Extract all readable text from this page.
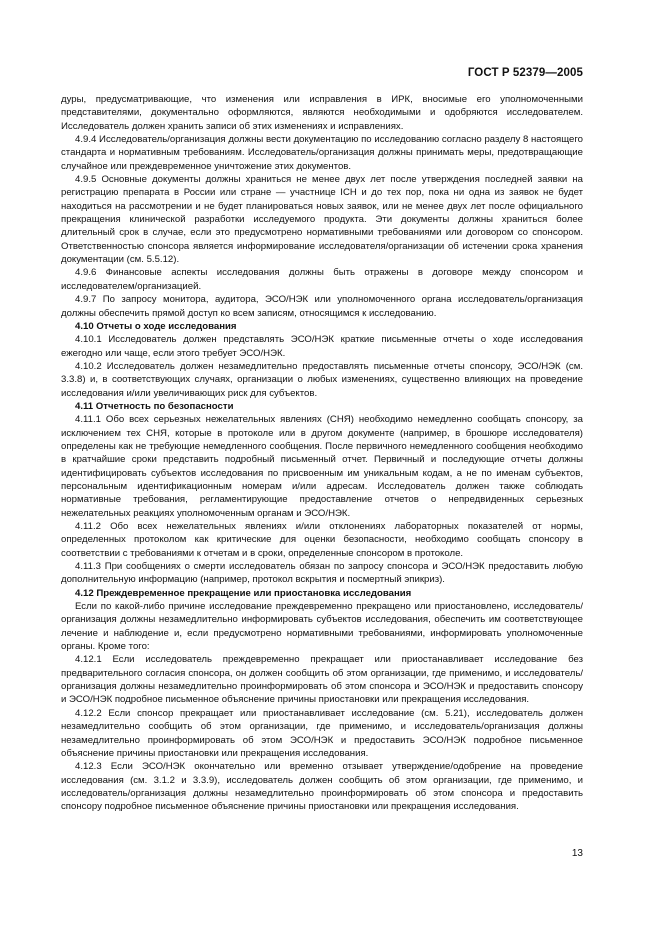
ГОСТ Р 52379—2005

дуры, предусматривающие, что изменения или исправления в ИРК, вносимые его уполномоченными представителями, документально оформляются, являются необходимыми и одобряются исследователем. Исследователь должен хранить записи об этих изменениях и исправлениях.

4.9.4 Исследователь/организация должны вести документацию по исследованию согласно разделу 8 настоящего стандарта и нормативным требованиям. Исследователь/организация должны принимать меры, предотвращающие случайное или преждевременное уничтожение этих документов.

4.9.5 Основные документы должны храниться не менее двух лет после утверждения последней заявки на регистрацию препарата в России или стране — участнице ICH и до тех пор, пока ни одна из заявок не будет находиться на рассмотрении и не будет планироваться новых заявок, или не менее двух лет после официального прекращения клинической разработки исследуемого продукта. Эти документы должны храниться более длительный срок в случае, если это предусмотрено нормативными требованиями или договором со спонсором. Ответственностью спонсора является информирование исследователя/организации об истечении срока хранения документации (см. 5.5.12).

4.9.6 Финансовые аспекты исследования должны быть отражены в договоре между спонсором и исследователем/организацией.

4.9.7 По запросу монитора, аудитора, ЭСО/НЭК или уполномоченного органа исследователь/организация должны обеспечить прямой доступ ко всем записям, относящимся к исследованию.

4.10 Отчеты о ходе исследования

4.10.1 Исследователь должен представлять ЭСО/НЭК краткие письменные отчеты о ходе исследования ежегодно или чаще, если этого требует ЭСО/НЭК.

4.10.2 Исследователь должен незамедлительно предоставлять письменные отчеты спонсору, ЭСО/НЭК (см. 3.3.8) и, в соответствующих случаях, организации о любых изменениях, существенно влияющих на проведение исследования и/или увеличивающих риск для субъектов.

4.11 Отчетность по безопасности

4.11.1 Обо всех серьезных нежелательных явлениях (СНЯ) необходимо немедленно сообщать спонсору, за исключением тех СНЯ, которые в протоколе или в другом документе (например, в брошюре исследователя) определены как не требующие немедленного сообщения. После первичного немедленного сообщения необходимо в кратчайшие сроки представить подробный письменный отчет. Первичный и последующие отчеты должны идентифицировать субъектов исследования по присвоенным им уникальным кодам, а не по именам субъектов, персональным идентификационным номерам и/или адресам. Исследователь должен также соблюдать нормативные требования, регламентирующие предоставление отчетов о непредвиденных серьезных нежелательных реакциях уполномоченным органам и ЭСО/НЭК.

4.11.2 Обо всех нежелательных явлениях и/или отклонениях лабораторных показателей от нормы, определенных протоколом как критические для оценки безопасности, необходимо сообщать спонсору в соответствии с требованиями к отчетам и в сроки, определенные спонсором в протоколе.

4.11.3 При сообщениях о смерти исследователь обязан по запросу спонсора и ЭСО/НЭК предоставить любую дополнительную информацию (например, протокол вскрытия и посмертный эпикриз).

4.12 Преждевременное прекращение или приостановка исследования

Если по какой-либо причине исследование преждевременно прекращено или приостановлено, исследователь/организация должны незамедлительно информировать субъектов исследования, обеспечить им соответствующее лечение и наблюдение и, если предусмотрено нормативными требованиями, информировать уполномоченные органы. Кроме того:

4.12.1 Если исследователь преждевременно прекращает или приостанавливает исследование без предварительного согласия спонсора, он должен сообщить об этом организации, где применимо, и исследователь/организация должны незамедлительно проинформировать об этом спонсора и ЭСО/НЭК и предоставить спонсору и ЭСО/НЭК подробное письменное объяснение причины приостановки или прекращения исследования.

4.12.2 Если спонсор прекращает или приостанавливает исследование (см. 5.21), исследователь должен незамедлительно сообщить об этом организации, где применимо, и исследователь/организация должны незамедлительно проинформировать об этом ЭСО/НЭК и предоставить ЭСО/НЭК подробное письменное объяснение причины приостановки или прекращения исследования.

4.12.3 Если ЭСО/НЭК окончательно или временно отзывает утверждение/одобрение на проведение исследования (см. 3.1.2 и 3.3.9), исследователь должен сообщить об этом организации, где применимо, и исследователь/организация должны незамедлительно проинформировать об этом спонсора и предоставить спонсору подробное письменное объяснение причины приостановки или прекращения исследования.

13
